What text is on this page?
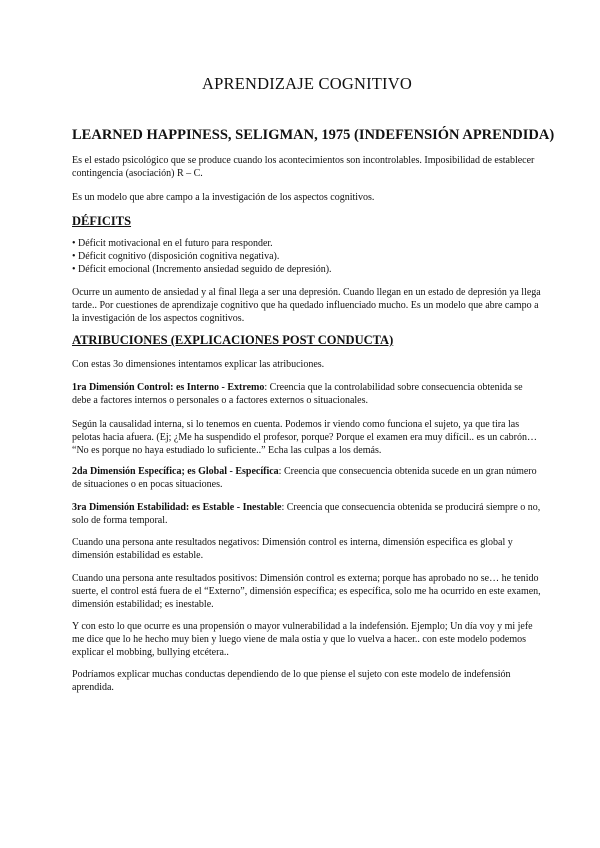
APRENDIZAJE COGNITIVO
LEARNED HAPPINESS, SELIGMAN, 1975 (INDEFENSIÓN APRENDIDA)
Es el estado psicológico que se produce cuando los acontecimientos son incontrolables. Imposibilidad de establecer contingencia (asociación) R – C.
Es un modelo que abre campo a la investigación de los aspectos cognitivos.
DÉFICITS
• Déficit motivacional en el futuro para responder.
• Déficit cognitivo (disposición cognitiva negativa).
• Déficit emocional (Incremento ansiedad seguido de depresión).
Ocurre un aumento de ansiedad y al final llega a ser una depresión. Cuando llegan en un estado de depresión ya llega tarde.. Por cuestiones de aprendizaje cognitivo que ha quedado influenciado mucho. Es un modelo que abre campo a la investigación de los aspectos cognitivos.
ATRIBUCIONES (EXPLICACIONES POST CONDUCTA)
Con estas 3o dimensiones intentamos explicar las atribuciones.
1ra Dimensión Control: es Interno - Extremo: Creencia que la controlabilidad sobre consecuencia obtenida se debe a factores internos o personales o a factores externos o situacionales.
Según la causalidad interna, si lo tenemos en cuenta. Podemos ir viendo como funciona el sujeto, ya que tira las pelotas hacia afuera. (Ej; ¿Me ha suspendido el profesor, porque? Porque el examen era muy difícil.. es un cabrón… “No es porque no haya estudiado lo suficiente..” Echa las culpas a los demás.
2da Dimensión Específica; es Global - Específica: Creencia que consecuencia obtenida sucede en un gran número de situaciones o en pocas situaciones.
3ra Dimensión Estabilidad: es Estable - Inestable: Creencia que consecuencia obtenida se producirá siempre o no, solo de forma temporal.
Cuando una persona ante resultados negativos: Dimensión control es interna, dimensión especifica es global y dimensión estabilidad es estable.
Cuando una persona ante resultados positivos: Dimensión control es externa; porque has aprobado no se… he tenido suerte, el control está fuera de el “Externo”, dimensión específica; es específica, solo me ha ocurrido en este examen, dimensión estabilidad; es inestable.
Y con esto lo que ocurre es una propensión o mayor vulnerabilidad a la indefensión. Ejemplo; Un día voy y mi jefe me dice que lo he hecho muy bien y luego viene de mala ostia y que lo vuelva a hacer.. con este modelo podemos explicar el mobbing, bullying etcétera..
Podríamos explicar muchas conductas dependiendo de lo que piense el sujeto con este modelo de indefensión aprendida.
